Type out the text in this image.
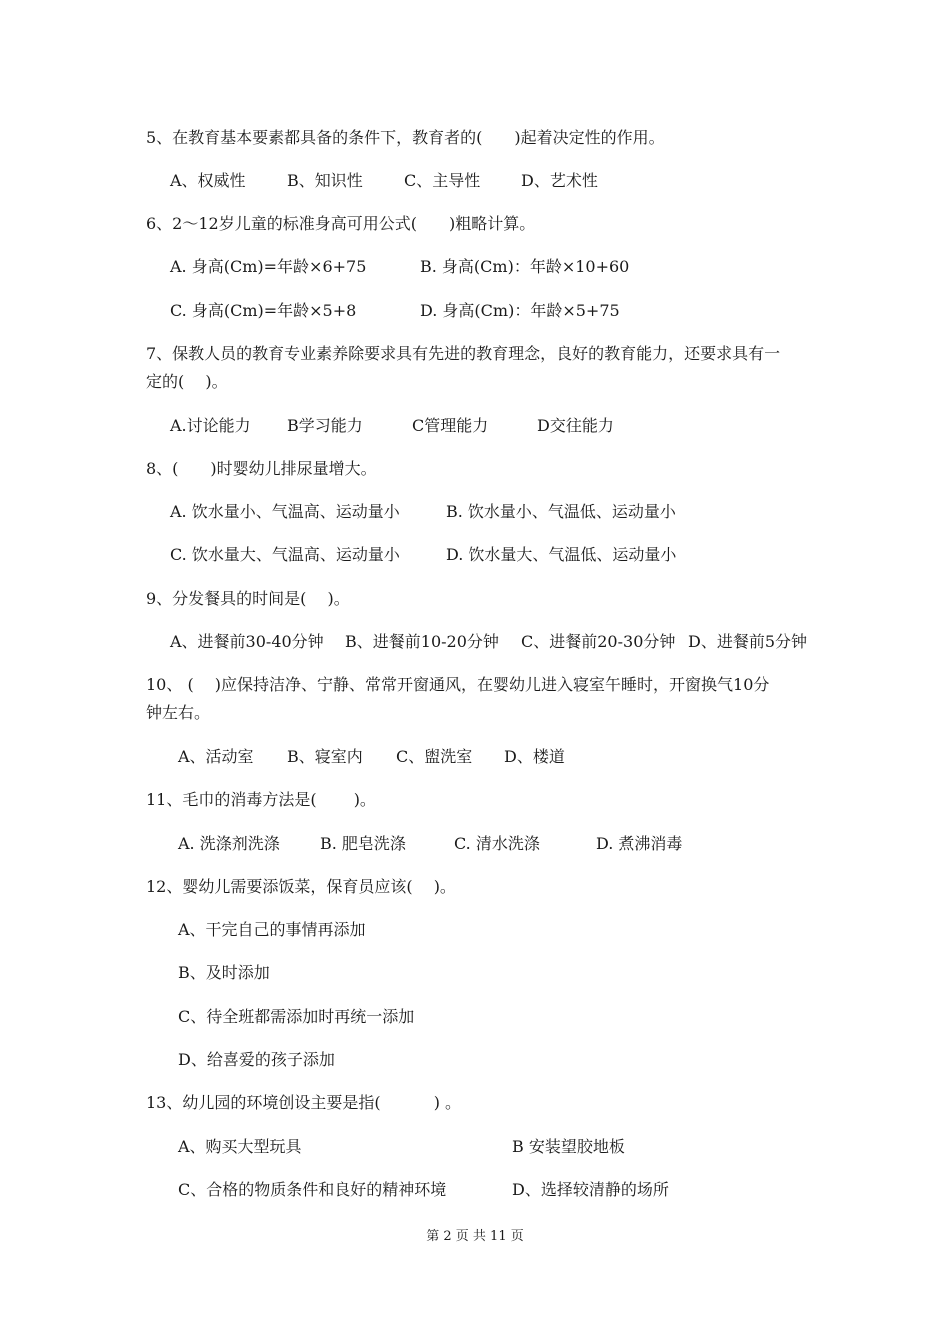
5、在教育基本要素都具备的条件下，教育者的(　　)起着决定性的作用。
A、权威性	B、知识性	C、主导性	D、艺术性
6、2～12岁儿童的标准身高可用公式(　　)粗略计算。
A. 身高(Cm)=年龄×6+75	B. 身高(Cm)：年龄×10+60
C. 身高(Cm)=年龄×5+8	D. 身高(Cm)：年龄×5+75
7、保教人员的教育专业素养除要求具有先进的教育理念，良好的教育能力，还要求具有一
定的(　 )。
A.讨论能力 B学习能力	C管理能力	D交往能力
8、(　　)时婴幼儿排尿量增大。
A. 饮水量小、气温高、运动量小	B. 饮水量小、气温低、运动量小
C. 饮水量大、气温高、运动量小	D. 饮水量大、气温低、运动量小
9、分发餐具的时间是(　 )。
A、进餐前30-40分钟 B、进餐前10-20分钟 C、进餐前20-30分钟 D、进餐前5分钟
10、 (　 )应保持洁净、宁静、常常开窗通风，在婴幼儿进入寝室午睡时，开窗换气10分
钟左右。
A、活动室 B、寝室内 C、盥洗室 D、楼道
11、毛巾的消毒方法是(　　 )。
A. 洗涤剂洗涤	B. 肥皂洗涤	C. 清水洗涤	D. 煮沸消毒
12、婴幼儿需要添饭菜，保育员应该(　 )。
A、干完自己的事情再添加
B、及时添加
C、待全班都需添加时再统一添加
D、给喜爱的孩子添加
13、幼儿园的环境创设主要是指(　　　 ) 。
A、购买大型玩具	B 安装望胶地板
C、合格的物质条件和良好的精神环境	D、选择较清静的场所
第 2 页 共 11 页
